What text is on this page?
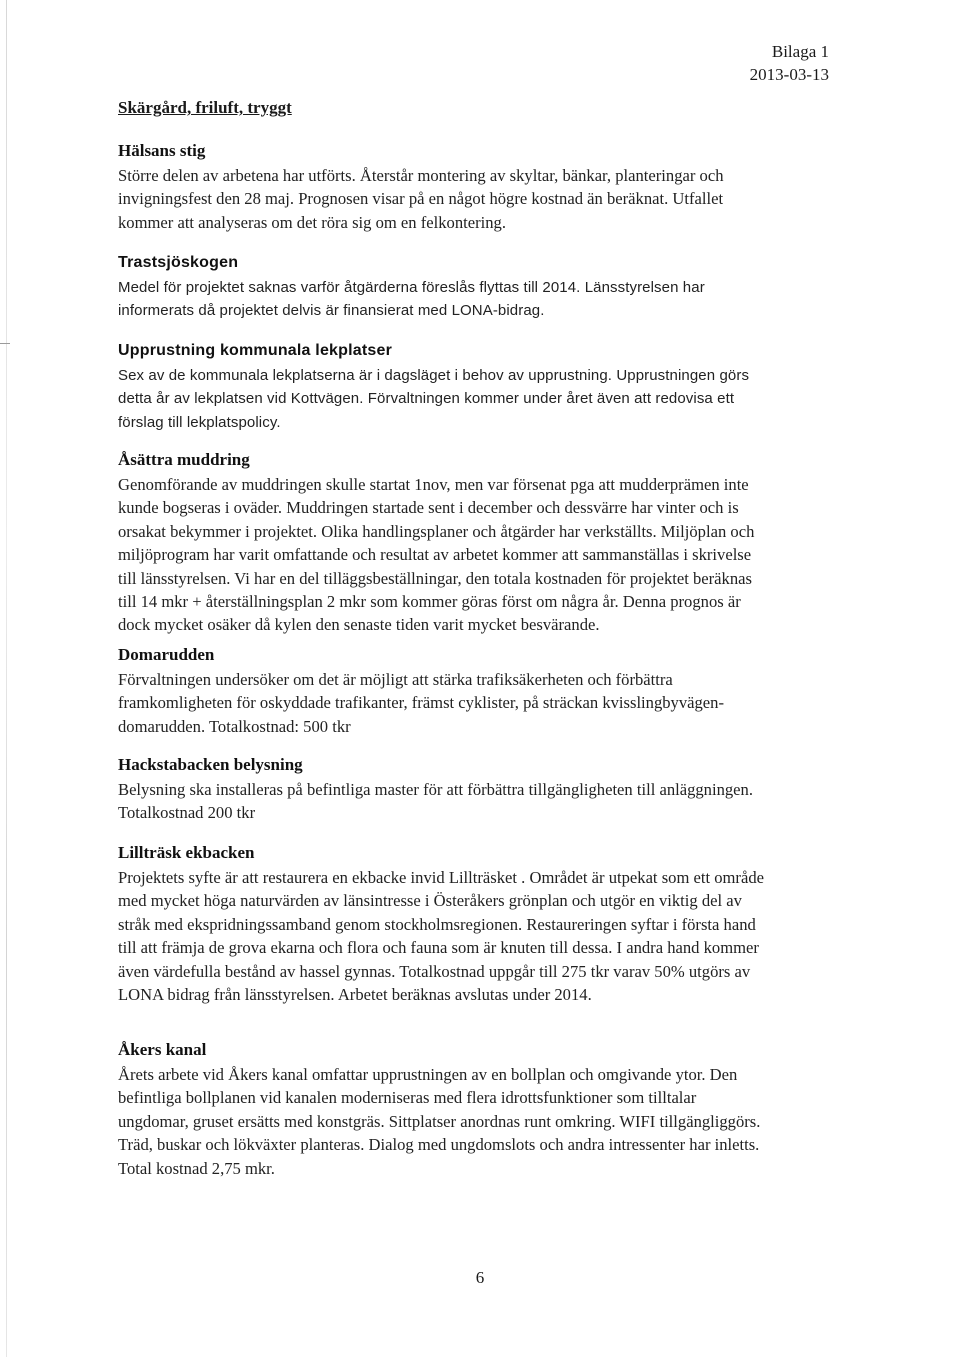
Bilaga 1
2013-03-13
Skärgård, friluft, tryggt
Hälsans stig

Större delen av arbetena har utförts. Återstår montering av skyltar, bänkar, planteringar och
invigningsfest den 28 maj. Prognosen visar på en något högre kostnad än beräknat. Utfallet
kommer att analyseras om det röra sig om en felkontering.

Trastsjöskogen

Medel för projektet saknas varför åtgärderna föreslås flyttas till 2014. Länsstyrelsen har
informerats då projektet delvis är finansierat med LONA-bidrag.

Upprustning kommunala lekplatser

Sex av de kommunala lekplatserna är i dagsläget i behov av upprustning. Upprustningen görs
detta år av lekplatsen vid Kottvägen. Förvaltningen kommer under året även att redovisa ett
förslag till lekplatspolicy.

Åsättra muddring

Genomförande av muddringen skulle startat 1nov, men var försenat pga att mudderprämen inte
kunde bogseras i oväder. Muddringen startade sent i december och dessvärre har vinter och is
orsakat bekymmer i projektet. Olika handlingsplaner och åtgärder har verkställts. Miljöplan och
miljöprogram har varit omfattande och resultat av arbetet kommer att sammanställas i skrivelse
till länsstyrelsen. Vi har en del tilläggsbeställningar, den totala kostnaden för projektet beräknas
till 14 mkr + återställningsplan 2 mkr som kommer göras först om några år. Denna prognos är
dock mycket osäker då kylen den senaste tiden varit mycket besvärande.

Domarudden

Förvaltningen undersöker om det är möjligt att stärka trafiksäkerheten och förbättra
framkomligheten för oskyddade trafikanter, främst cyklister, på sträckan kvisslingbyvägen-
domarudden. Totalkostnad: 500 tkr

Hackstabacken belysning

Belysning ska installeras på befintliga master för att förbättra tillgängligheten till anläggningen.
Totalkostnad 200 tkr

Lillträsk ekbacken

Projektets syfte är att restaurera en ekbacke invid Lillträsket . Området är utpekat som ett område
med mycket höga naturvärden av länsintresse i Österåkers grönplan och utgör en viktig del av
stråk med ekspridningssamband genom stockholmsregionen. Restaureringen syftar i första hand
till att främja de grova ekarna och flora och fauna som är knuten till dessa. I andra hand kommer
även värdefulla bestånd av hassel gynnas. Totalkostnad uppgår till 275 tkr varav 50% utgörs av
LONA bidrag från länsstyrelsen. Arbetet beräknas avslutas under 2014.

Åkers kanal

Årets arbete vid Åkers kanal omfattar upprustningen av en bollplan och omgivande ytor. Den
befintliga bollplanen vid kanalen moderniseras med flera idrottsfunktioner som tilltalar
ungdomar, gruset ersätts med konstgräs. Sittplatser anordnas runt omkring. WIFI tillgängliggörs.
Träd, buskar och lökväxter planteras. Dialog med ungdomslots och andra intressenter har inletts.
Total kostnad 2,75 mkr.

6
